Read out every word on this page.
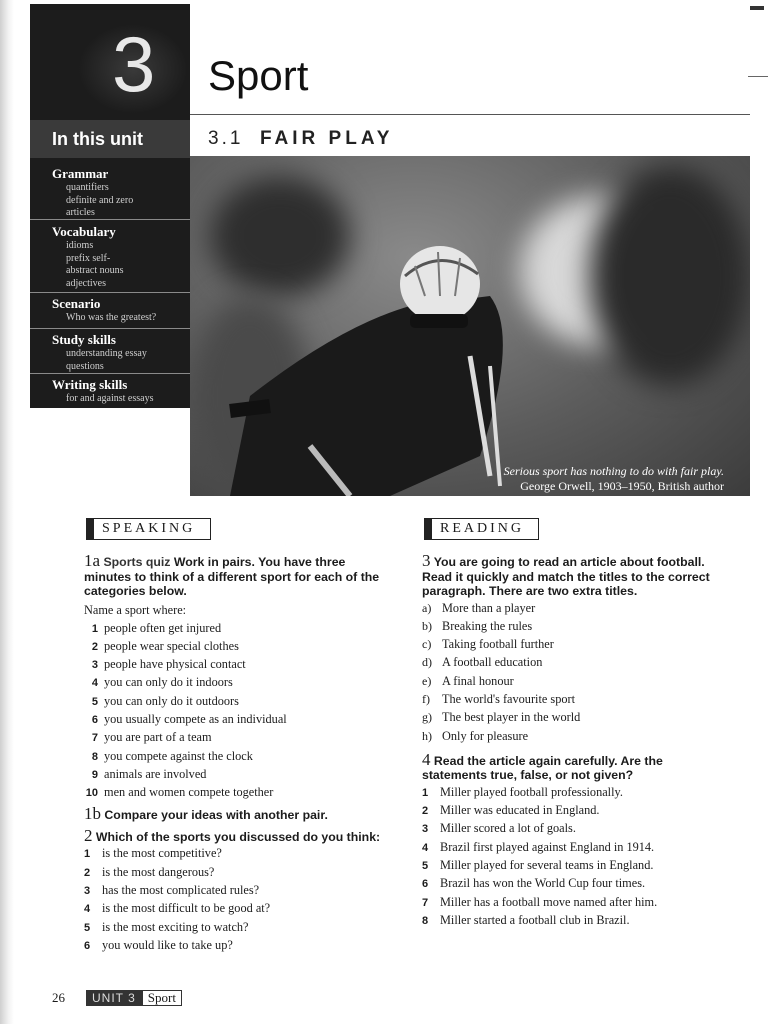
3
In this unit
Grammar
quantifiers
definite and zero
articles
Vocabulary
idioms
prefix self-
abstract nouns
adjectives
Scenario
Who was the greatest?
Study skills
understanding essay
questions
Writing skills
for and against essays
Sport
3.1 FAIR PLAY
Serious sport has nothing to do with fair play.
George Orwell, 1903–1950, British author
SPEAKING
1a Sports quiz Work in pairs. You have three minutes to think of a different sport for each of the categories below.
Name a sport where:
1 people often get injured
2 people wear special clothes
3 people have physical contact
4 you can only do it indoors
5 you can only do it outdoors
6 you usually compete as an individual
7 you are part of a team
8 you compete against the clock
9 animals are involved
10 men and women compete together
1b Compare your ideas with another pair.
2 Which of the sports you discussed do you think:
1 is the most competitive?
2 is the most dangerous?
3 has the most complicated rules?
4 is the most difficult to be good at?
5 is the most exciting to watch?
6 you would like to take up?
READING
3 You are going to read an article about football. Read it quickly and match the titles to the correct paragraph. There are two extra titles.
a) More than a player
b) Breaking the rules
c) Taking football further
d) A football education
e) A final honour
f) The world's favourite sport
g) The best player in the world
h) Only for pleasure
4 Read the article again carefully. Are the statements true, false, or not given?
1 Miller played football professionally.
2 Miller was educated in England.
3 Miller scored a lot of goals.
4 Brazil first played against England in 1914.
5 Miller played for several teams in England.
6 Brazil has won the World Cup four times.
7 Miller has a football move named after him.
8 Miller started a football club in Brazil.
26	UNIT 3 Sport
